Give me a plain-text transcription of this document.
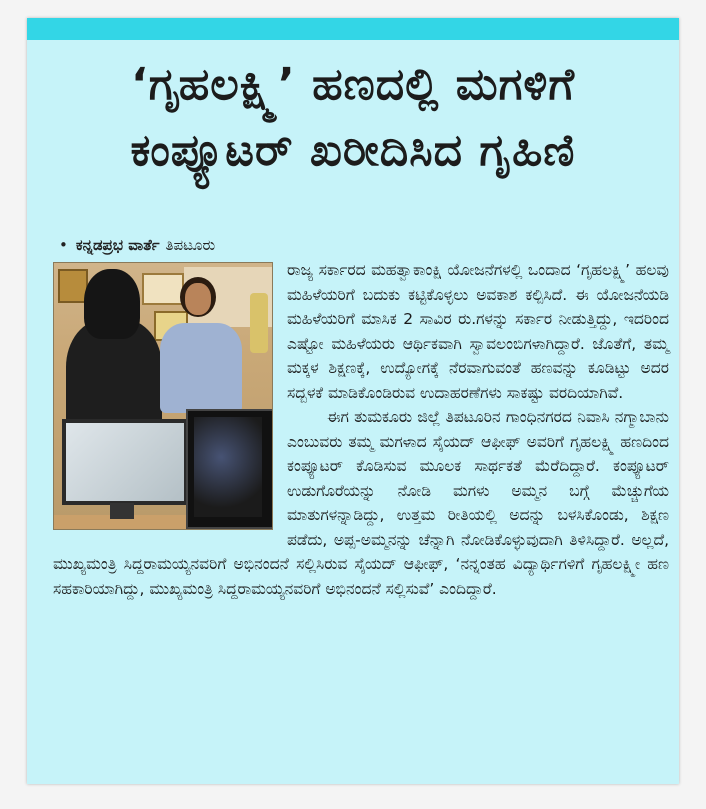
‘ಗೃಹಲಕ್ಷ್ಮಿ’ ಹಣದಲ್ಲಿ ಮಗಳಿಗೆ
ಕಂಪ್ಯೂಟರ್ ಖರೀದಿಸಿದ ಗೃಹಿಣಿ
• ಕನ್ನಡಪ್ರಭ ವಾರ್ತೆ ತಿಪಟೂರು

ರಾಜ್ಯ ಸರ್ಕಾರದ ಮಹತ್ವಾಕಾಂಕ್ಷಿ ಯೋಜನೆಗಳಲ್ಲಿ ಒಂದಾದ ‘ಗೃಹಲಕ್ಷ್ಮಿ’ ಹಲವು ಮಹಿಳೆಯರಿಗೆ ಬದುಕು ಕಟ್ಟಿಕೊಳ್ಳಲು ಅವಕಾಶ ಕಲ್ಪಿಸಿದೆ. ಈ ಯೋಜನೆಯಡಿ ಮಹಿಳೆಯರಿಗೆ ಮಾಸಿಕ 2 ಸಾವಿರ ರು.ಗಳನ್ನು ಸರ್ಕಾರ ನೀಡುತ್ತಿದ್ದು, ಇದರಿಂದ ಎಷ್ಟೋ ಮಹಿಳೆಯರು ಆರ್ಥಿಕವಾಗಿ ಸ್ವಾವಲಂಬಿಗಳಾಗಿದ್ದಾರೆ. ಜೊತೆಗೆ, ತಮ್ಮ ಮಕ್ಕಳ ಶಿಕ್ಷಣಕ್ಕೆ, ಉದ್ಯೋಗಕ್ಕೆ ನೆರವಾಗುವಂತೆ ಹಣವನ್ನು ಕೂಡಿಟ್ಟು ಅದರ ಸದ್ಬಳಕೆ ಮಾಡಿಕೊಂಡಿರುವ ಉದಾಹರಣೆಗಳು ಸಾಕಷ್ಟು ವರದಿಯಾಗಿವೆ.

ಈಗ ತುಮಕೂರು ಜಿಲ್ಲೆ ತಿಪಟೂರಿನ ಗಾಂಧಿನಗರದ ನಿವಾಸಿ ನಗ್ಮಾಬಾನು ಎಂಬುವರು ತಮ್ಮ ಮಗಳಾದ ಸೈಯದ್ ಆಫೀಫ್ ಅವರಿಗೆ ಗೃಹಲಕ್ಷ್ಮಿ ಹಣದಿಂದ ಕಂಪ್ಯೂಟರ್ ಕೊಡಿಸುವ ಮೂಲಕ ಸಾರ್ಥಕತೆ ಮೆರೆದಿದ್ದಾರೆ. ಕಂಪ್ಯೂಟರ್ ಉಡುಗೊರೆಯನ್ನು ನೋಡಿ ಮಗಳು ಅಮ್ಮನ ಬಗ್ಗೆ ಮೆಚ್ಚುಗೆಯ ಮಾತುಗಳನ್ನಾಡಿದ್ದು, ಉತ್ತಮ ರೀತಿಯಲ್ಲಿ ಅದನ್ನು ಬಳಸಿಕೊಂಡು, ಶಿಕ್ಷಣ ಪಡೆದು, ಅಪ್ಪ-ಅಮ್ಮನನ್ನು ಚೆನ್ನಾಗಿ ನೋಡಿಕೊಳ್ಳುವುದಾಗಿ ತಿಳಿಸಿದ್ದಾರೆ. ಅಲ್ಲದೆ, ಮುಖ್ಯಮಂತ್ರಿ ಸಿದ್ದರಾಮಯ್ಯನವರಿಗೆ ಅಭಿನಂದನೆ ಸಲ್ಲಿಸಿರುವ ಸೈಯದ್ ಆಫೀಫ್, ‘ನನ್ನಂತಹ ವಿದ್ಯಾರ್ಥಿಗಳಿಗೆ ಗೃಹಲಕ್ಷ್ಮೀ ಹಣ ಸಹಕಾರಿಯಾಗಿದ್ದು, ಮುಖ್ಯಮಂತ್ರಿ ಸಿದ್ದರಾಮಯ್ಯನವರಿಗೆ ಅಭಿನಂದನೆ ಸಲ್ಲಿಸುವೆ’ ಎಂದಿದ್ದಾರೆ.
